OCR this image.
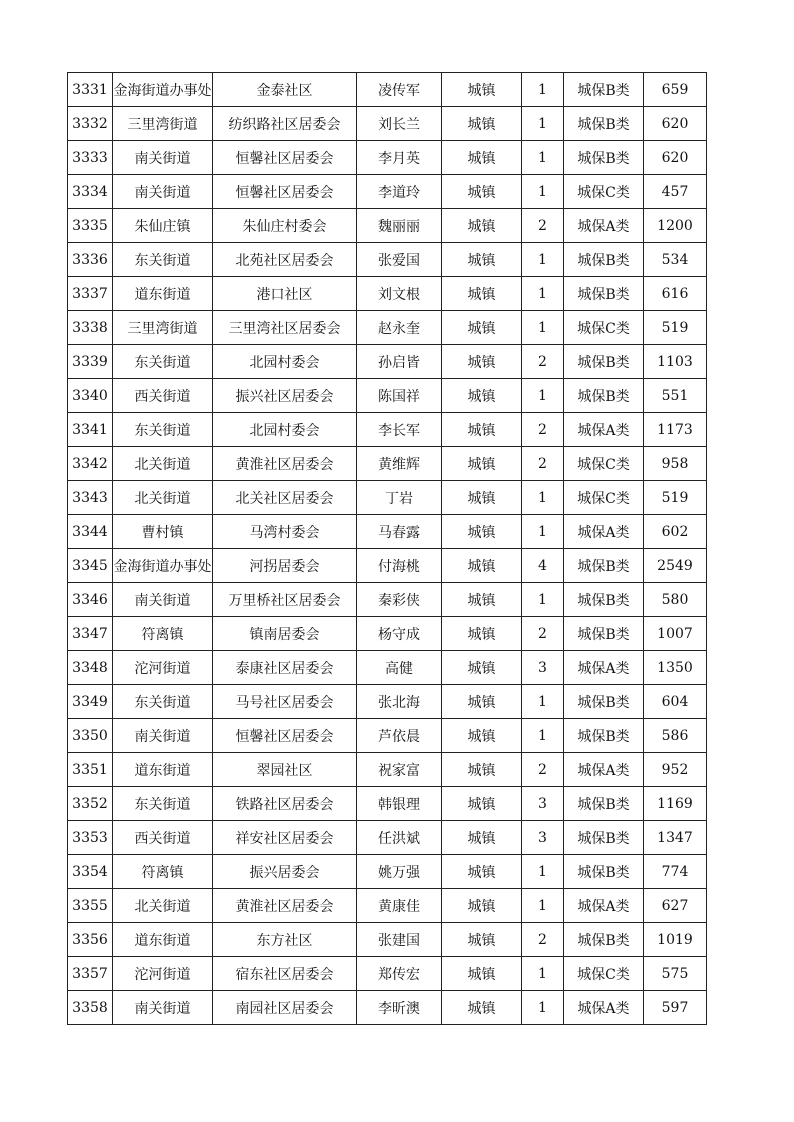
3331	金海街道办事处	金泰社区	凌传军	城镇	1	城保B类	659
3332	三里湾街道	纺织路社区居委会	刘长兰	城镇	1	城保B类	620
3333	南关街道	恒馨社区居委会	李月英	城镇	1	城保B类	620
3334	南关街道	恒馨社区居委会	李道玲	城镇	1	城保C类	457
3335	朱仙庄镇	朱仙庄村委会	魏丽丽	城镇	2	城保A类	1200
3336	东关街道	北苑社区居委会	张爱国	城镇	1	城保B类	534
3337	道东街道	港口社区	刘文根	城镇	1	城保B类	616
3338	三里湾街道	三里湾社区居委会	赵永奎	城镇	1	城保C类	519
3339	东关街道	北园村委会	孙启皆	城镇	2	城保B类	1103
3340	西关街道	振兴社区居委会	陈国祥	城镇	1	城保B类	551
3341	东关街道	北园村委会	李长军	城镇	2	城保A类	1173
3342	北关街道	黄淮社区居委会	黄维辉	城镇	2	城保C类	958
3343	北关街道	北关社区居委会	丁岩	城镇	1	城保C类	519
3344	曹村镇	马湾村委会	马春露	城镇	1	城保A类	602
3345	金海街道办事处	河拐居委会	付海桃	城镇	4	城保B类	2549
3346	南关街道	万里桥社区居委会	秦彩侠	城镇	1	城保B类	580
3347	符离镇	镇南居委会	杨守成	城镇	2	城保B类	1007
3348	沱河街道	泰康社区居委会	高健	城镇	3	城保A类	1350
3349	东关街道	马号社区居委会	张北海	城镇	1	城保B类	604
3350	南关街道	恒馨社区居委会	芦依晨	城镇	1	城保B类	586
3351	道东街道	翠园社区	祝家富	城镇	2	城保A类	952
3352	东关街道	铁路社区居委会	韩银理	城镇	3	城保B类	1169
3353	西关街道	祥安社区居委会	任洪斌	城镇	3	城保B类	1347
3354	符离镇	振兴居委会	姚万强	城镇	1	城保B类	774
3355	北关街道	黄淮社区居委会	黄康佳	城镇	1	城保A类	627
3356	道东街道	东方社区	张建国	城镇	2	城保B类	1019
3357	沱河街道	宿东社区居委会	郑传宏	城镇	1	城保C类	575
3358	南关街道	南园社区居委会	李昕澳	城镇	1	城保A类	597
